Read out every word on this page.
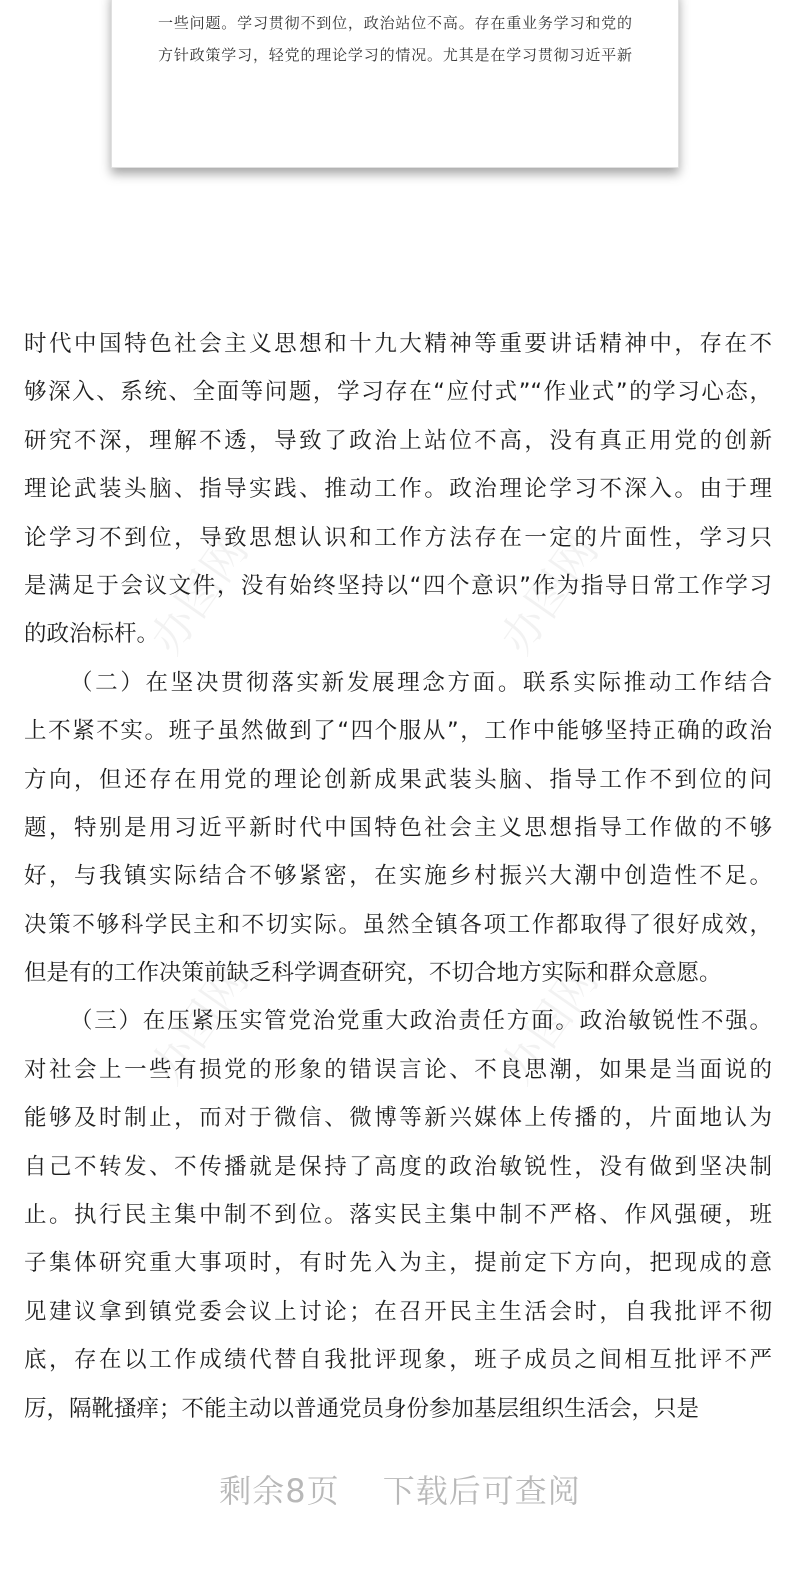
一些问题。学习贯彻不到位，政治站位不高。存在重业务学习和党的
方针政策学习，轻党的理论学习的情况。尤其是在学习贯彻习近平新
办图网	办图网
办图网	办图网
时代中国特色社会主义思想和十九大精神等重要讲话精神中，存在不
够深入、系统、全面等问题，学习存在“应付式”“作业式”的学习心态，
研究不深，理解不透，导致了政治上站位不高，没有真正用党的创新
理论武装头脑、指导实践、推动工作。政治理论学习不深入。由于理
论学习不到位，导致思想认识和工作方法存在一定的片面性，学习只
是满足于会议文件，没有始终坚持以“四个意识”作为指导日常工作学习
的政治标杆。
（二）在坚决贯彻落实新发展理念方面。联系实际推动工作结合
上不紧不实。班子虽然做到了“四个服从”，工作中能够坚持正确的政治
方向，但还存在用党的理论创新成果武装头脑、指导工作不到位的问
题，特别是用习近平新时代中国特色社会主义思想指导工作做的不够
好，与我镇实际结合不够紧密，在实施乡村振兴大潮中创造性不足。
决策不够科学民主和不切实际。虽然全镇各项工作都取得了很好成效，
但是有的工作决策前缺乏科学调查研究，不切合地方实际和群众意愿。
（三）在压紧压实管党治党重大政治责任方面。政治敏锐性不强。
对社会上一些有损党的形象的错误言论、不良思潮，如果是当面说的
能够及时制止，而对于微信、微博等新兴媒体上传播的，片面地认为
自己不转发、不传播就是保持了高度的政治敏锐性，没有做到坚决制
止。执行民主集中制不到位。落实民主集中制不严格、作风强硬，班
子集体研究重大事项时，有时先入为主，提前定下方向，把现成的意
见建议拿到镇党委会议上讨论；在召开民主生活会时，自我批评不彻
底，存在以工作成绩代替自我批评现象，班子成员之间相互批评不严
厉，隔靴搔痒；不能主动以普通党员身份参加基层组织生活会，只是
剩余8页 下载后可查阅
